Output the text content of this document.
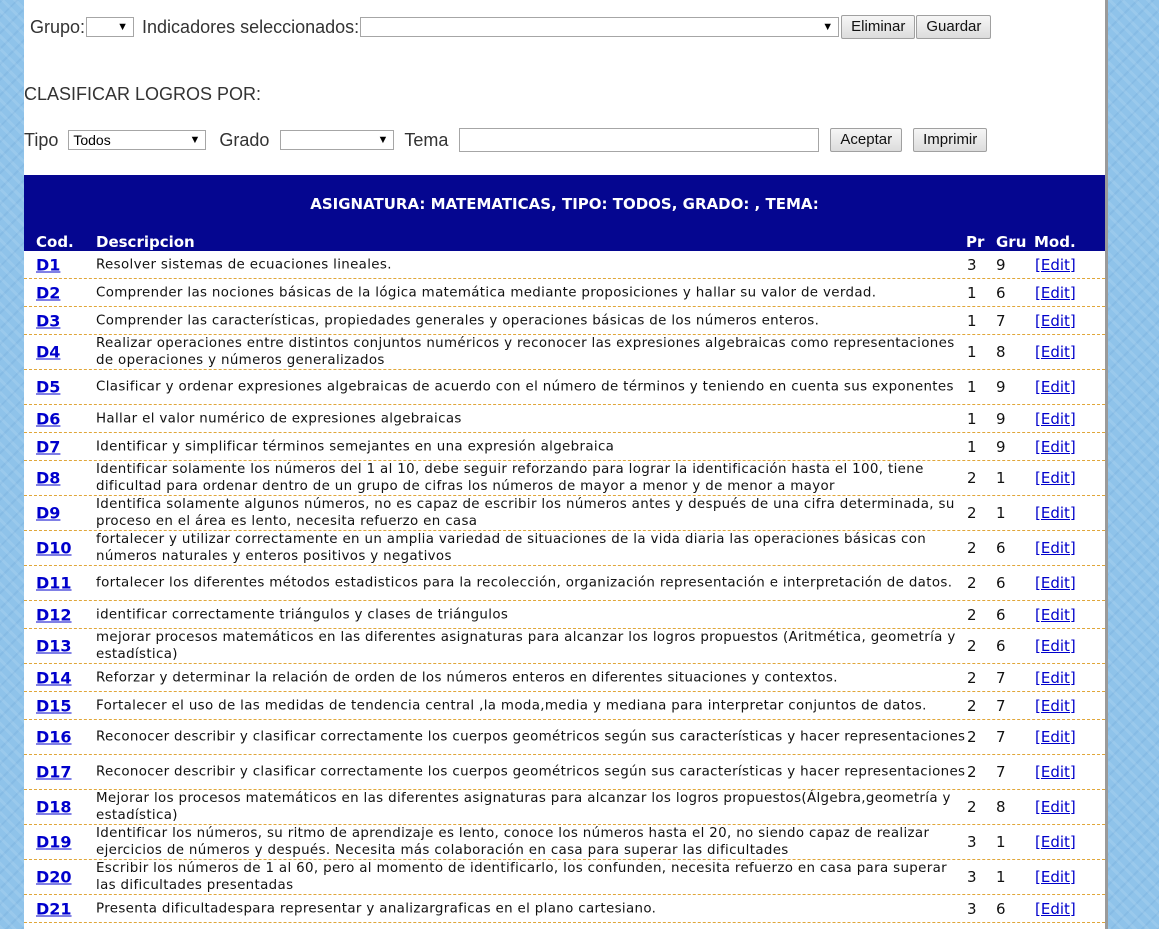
Grupo:	▼ Indicadores seleccionados:	▼	Eliminar	Guardar
CLASIFICAR LOGROS POR:
Tipo	Todos	▼ Grado	▼ Tema	Aceptar	Imprimir
ASIGNATURA: MATEMATICAS, TIPO: TODOS, GRADO: , TEMA:
Cod. Descripcion	Pr Gru Mod.
D1	Resolver sistemas de ecuaciones lineales.	3 9 [Edit]
D2	Comprender las nociones básicas de la lógica matemática mediante proposiciones y hallar su valor de verdad.	1 6 [Edit]
D3	Comprender las características, propiedades generales y operaciones básicas de los números enteros.	1 7 [Edit]
D4	Realizar operaciones entre distintos conjuntos numéricos y reconocer las expresiones algebraicas como representaciones de operaciones y números generalizados	1 8 [Edit]
D5	Clasificar y ordenar expresiones algebraicas de acuerdo con el número de términos y teniendo en cuenta sus exponentes 1 9 [Edit]
D6	Hallar el valor numérico de expresiones algebraicas	1 9 [Edit]
D7	Identificar y simplificar términos semejantes en una expresión algebraica	1 9 [Edit]
D8	Identificar solamente los números del 1 al 10, debe seguir reforzando para lograr la identificación hasta el 100, tiene dificultad para ordenar dentro de un grupo de cifras los números de mayor a menor y de menor a mayor	2 1 [Edit]
D9	Identifica solamente algunos números, no es capaz de escribir los números antes y después de una cifra determinada, su proceso en el área es lento, necesita refuerzo en casa	2 1 [Edit]
D10 fortalecer y utilizar correctamente en un amplia variedad de situaciones de la vida diaria las operaciones básicas con números naturales y enteros positivos y negativos	2 6 [Edit]
D11 fortalecer los diferentes métodos estadisticos para la recolección, organización representación e interpretación de datos. 2 6 [Edit]
D12 identificar correctamente triángulos y clases de triángulos	2 6 [Edit]
D13 mejorar procesos matemáticos en las diferentes asignaturas para alcanzar los logros propuestos (Aritmética, geometría y estadística)	2 6 [Edit]
D14 Reforzar y determinar la relación de orden de los números enteros en diferentes situaciones y contextos.	2 7 [Edit]
D15 Fortalecer el uso de las medidas de tendencia central ,la moda,media y mediana para interpretar conjuntos de datos.	2 7 [Edit]
D16 Reconocer describir y clasificar correctamente los cuerpos geométricos según sus características y hacer representaciones 2 7 [Edit]
D17 Reconocer describir y clasificar correctamente los cuerpos geométricos según sus características y hacer representaciones 2 7 [Edit]
D18 Mejorar los procesos matemáticos en las diferentes asignaturas para alcanzar los logros propuestos(Álgebra,geometría y estadística)	2 8 [Edit]
D19 Identificar los números, su ritmo de aprendizaje es lento, conoce los números hasta el 20, no siendo capaz de realizar ejercicios de números y después. Necesita más colaboración en casa para superar las dificultades	3 1 [Edit]
D20 Escribir los números de 1 al 60, pero al momento de identificarlo, los confunden, necesita refuerzo en casa para superar las dificultades presentadas	3 1 [Edit]
D21 Presenta dificultadespara representar y analizargraficas en el plano cartesiano.	3 6 [Edit]
